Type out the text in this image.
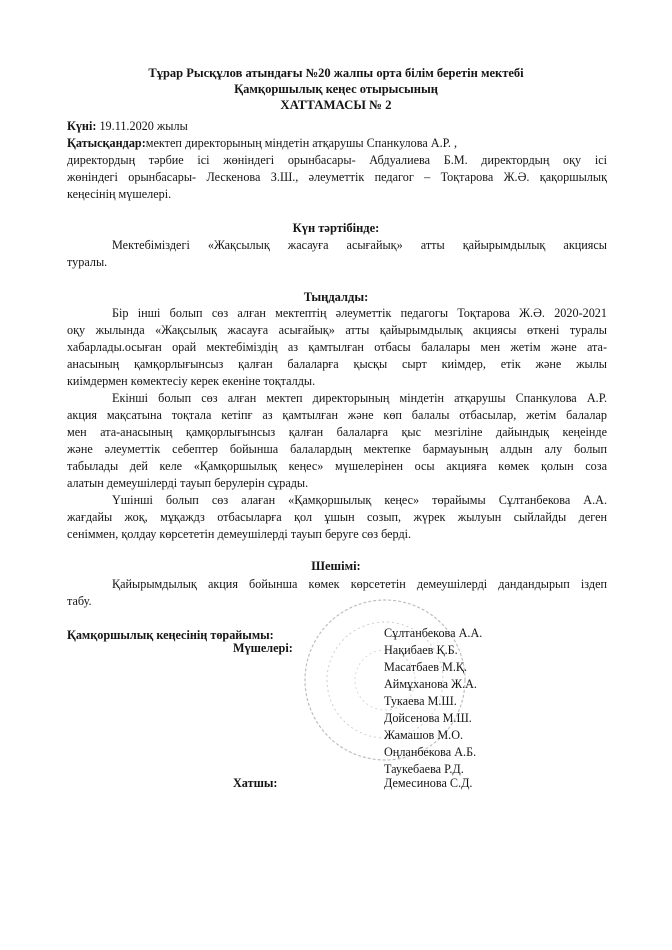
Тұрар Рысқұлов атындағы №20 жалпы орта білім беретін мектебі
Қамқоршылық кеңес отырысының
ХАТТАМАСЫ № 2
Күні: 19.11.2020 жылы
Қатысқандар:мектеп директорының міндетін атқарушы Спанкулова А.Р. ,
директордың тәрбие ісі жөніндегі орынбасары- Абдуалиева Б.М. директордың оқу ісі
жөніндегі орынбасары- Лескенова З.Ш., әлеуметтік педагог – Тоқтарова Ж.Ә. қақоршылық
кеңесінің мүшелері.
Күн тәртібінде:
Мектебіміздегі «Жақсылық жасауға асығайық» атты қайырымдылық акциясы
туралы.
Тыңдалды:
Бір інші болып сөз алған мектептің әлеуметтік педагогы Тоқтарова Ж.Ә. 2020-2021
оқу жылында «Жақсылық жасауға асығайық» атты қайырымдылық акциясы өткені туралы
хабарлады.осыған орай мектебіміздің аз қамтылған отбасы балалары мен жетім және ата-
анасының қамқорлығынсыз қалған балаларға қысқы сырт киімдер, етік және жылы
киімдермен көмектесіу керек екеніне тоқталды.
Екінші болып сөз алған мектеп директорының міндетін атқарушы Спанкулова А.Р.
акция мақсатына тоқтала кетіпғ аз қамтылған және көп балалы отбасылар, жетім балалар
мен ата-анасының қамқорлығынсыз қалған балаларға қыс мезгіліне дайындық кеңеінде
және әлеуметтік себептер бойынша балалардың мектепке бармауының алдын алу болып
табылады дей келе «Қамқоршылық кеңес» мүшелерінен осы акцияға көмек қолын соза
алатын демеушілерді тауып берулерін сұрады.
Үшінші болып сөз алаған «Қамқоршылық кеңес» төрайымы Сұлтанбекова А.А.
жағдайы жоқ, мұқаждз отбасыларға қол ұшын созып, жүрек жылуын сыйлайды деген
сеніммен, қолдау көрсететін демеушілерді тауып беруге сөз берді.
Шешімі:
Қайырымдылық акция бойынша көмек көрсететін демеушілерді дандандырып іздеп
табу.
Қамқоршылық кеңесінің төрайымы:
Мүшелері:
Хатшы:
Сұлтанбекова А.А.
Нақибаев Қ.Б.
Масатбаев М.Қ.
Аймұханова Ж.А.
Тукаева М.Ш.
Дойсенова М.Ш.
Жамашов М.О.
Оңланбекова А.Б.
Таукебаева Р.Д.
Демесинова С.Д.
